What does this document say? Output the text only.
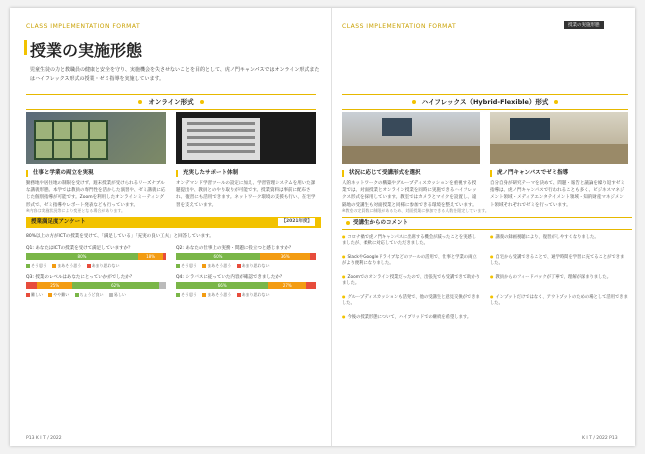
CLASS IMPLEMENTATION FORMAT
授業の実施形態
児童生徒の力と教職員の健康と安全を守り、実施機会を失させないことを目的として、虎ノ門キャンパスではオンライン形式またはハイフレックス形式の授業・ゼミ指導を実施しています。
オンライン形式
仕事と学業の両立を実現
勤務地や居住地の制限を受けず、週末授業が受けられるリーズナブルな講義形態。本学では教員の専門性を活かした演習や、ゼミ講義に応じた個別指導が可能です。Zoomを利用したオンラインミーティング形式で、ゼミ指導やレポート発表なども行っています。
充実したサポート体制
オンデマンド学習ツールの設定に加え、学習管理システムを用いた課題提出や、教員とのやり取りが可能です。授業資料は事前に配布され、復習にも活用できます。ネットワーク環境の支援も行い、在宅学習を支えています。
※内容は実施状況等により変更となる場合があります。
授業満足度アンケート	【2021年度】
80%以上の方がICTの授業を受けて、「満足している」「充実の良い工夫」と回答しています。
Q1: あなたはICTの授業を受けて満足していますか？
80%	18%
そう思う	まあそう思う	あまり思わない
Q2: あなたの仕事上の実務・問題に役立つと感じますか？
60%	36%
そう思う	まあそう思う	あまり思わない
Q3: 授業のレベルはあなたにとっていかがでしたか？
25%	62%
難しい	やや難い	ちょうど良い	易しい
Q4: シラバスに従っていた内容が確認できましたか？
66%	27%
そう思う	まあそう思う	あまり思わない
P13 K I T / 2022
CLASS IMPLEMENTATION FORMAT	授業の実施形態
ハイフレックス（Hybrid-Flexible）形式
状況に応じて受講形式を選択
人的ネットワークの構築やグループディスカッションを重視する授業では、対面授業とオンライン授業を同時に実施できるハイフレックス形式を採用しています。教室ではカメラとマイクを設置し、遠隔地の受講生も対面授業と同様に参加できる環境を整えています。
虎ノ門キャンパスでゼミ指導
自分自身が研究テーマを決めて、問題・報告と議論を繰り返すゼミ指導は、虎ノ門キャンパスで行われることも多く、ビジネスマネジメント領域・メディアエンタテイメント領域・知的財産マネジメント領域それぞれでゼミを行っています。
※教室の定員数に制限があるため、対面授業に参加できる人数を限定しています。
受講生からのコメント
● コロナ禍で虎ノ門キャンパスに出席する機会が減ったことを実感しましたが、柔軟に対応していただきました。
● SlackやGoogleドライブなどのツールの活用で、仕事と学業の両立がより便利になりました。
● Zoomでのオンライン授業だったので、出張先でも受講できて助かりました。
● グループディスカッションも活発で、他の受講生と意見交換ができました。
● 今後の授業形態について、ハイブリッドでの継続を希望します。
● 講義の録画視聴により、復習がしやすくなりました。
● 自宅から受講できることで、通学時間を学習に充てることができました。
● 教員からのフィードバックが丁寧で、理解が深まりました。
● インプットだけではなく、アウトプットのための場として活用できました。
K I T / 2022 P13
